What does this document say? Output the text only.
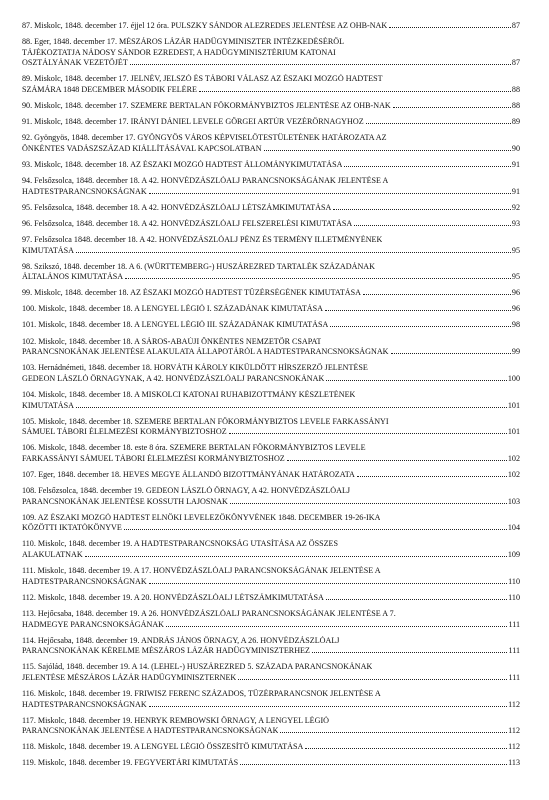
87. Miskolc, 1848. december 17. éjjel 12 óra. PULSZKY SÁNDOR ALEZREDES JELENTÉSE AZ OHB-NAK	87
88. Eger, 1848. december 17. MÉSZÁROS LÁZÁR HADÜGYMINISZTER INTÉZKEDÉSÉRŐL
TÁJÉKOZTATJA NÁDOSY SÁNDOR EZREDEST, A HADÜGYMINISZTÉRIUM KATONAI
OSZTÁLYÁNAK VEZETŐJÉT	87
89. Miskolc, 1848. december 17. JELNÉV, JELSZÓ ÉS TÁBORI VÁLASZ AZ ÉSZAKI MOZGÓ HADTEST
SZÁMÁRA 1848 DECEMBER MÁSODIK FELÉRE	88
90. Miskolc, 1848. december 17. SZEMERE BERTALAN FŐKORMÁNYBIZTOS JELENTÉSE AZ OHB-NAK	88
91. Miskolc, 1848. december 17. IRÁNYI DÁNIEL LEVELE GÖRGEI ARTÚR VEZÉRŐRNAGYHOZ	89
92. Gyöngyös, 1848. december 17. GYÖNGYÖS VÁROS KÉPVISELŐTESTÜLETÉNEK HATÁROZATA AZ
ÖNKÉNTES VADÁSZSZÁZAD KIÁLLÍTÁSÁVAL KAPCSOLATBAN	90
93. Miskolc, 1848. december 18. AZ ÉSZAKI MOZGÓ HADTEST ÁLLOMÁNYKIMUTATÁSA	91
94. Felsőzsolca, 1848. december 18. A 42. HONVÉDZÁSZLÓALJ PARANCSNOKSÁGÁNAK JELENTÉSE A
HADTESTPARANCSNOKSÁGNAK	91
95. Felsőzsolca, 1848. december 18. A 42. HONVÉDZÁSZLÓALJ LÉTSZÁMKIMUTATÁSA	92
96. Felsőzsolca, 1848. december 18. A 42. HONVÉDZÁSZLÓALJ FELSZERELÉSI KIMUTATÁSA	93
97. Felsőzsolca 1848. december 18. A 42. HONVÉDZÁSZLÓALJ PÉNZ ÉS TERMÉNY ILLETMÉNYÉNEK
KIMUTATÁSA	95
98. Szikszó, 1848. december 18. A 6. (WÜRTTEMBERG-) HUSZÁREZRED TARTALÉK SZÁZADÁNAK
ÁLTALÁNOS KIMUTATÁSA	95
99. Miskolc, 1848. december 18. AZ ÉSZAKI MOZGÓ HADTEST TÜZÉRSÉGÉNEK KIMUTATÁSA	96
100. Miskolc, 1848. december 18. A LENGYEL LÉGIÓ I. SZÁZADÁNAK KIMUTATÁSA	96
101. Miskolc, 1848. december 18. A LENGYEL LÉGIÓ III. SZÁZADÁNAK KIMUTATÁSA	98
102. Miskolc, 1848. december 18. A SÁROS-ABAÚJI ÖNKÉNTES NEMZETŐR CSAPAT
PARANCSNOKÁNAK JELENTÉSE ALAKULATA ÁLLAPOTÁRÓL A HADTESTPARANCSNOKSÁGNAK	99
103. Hernádnémeti, 1848. december 18. HORVÁTH KÁROLY KIKÜLDÖTT HÍRSZERZŐ JELENTÉSE
GEDEON LÁSZLÓ ŐRNAGYNAK, A 42. HONVÉDZÁSZLÓALJ PARANCSNOKÁNAK	100
104. Miskolc, 1848. december 18. A MISKOLCI KATONAI RUHABIZOTTMÁNY KÉSZLETÉNEK
KIMUTATÁSA	101
105. Miskolc, 1848. december 18. SZEMERE BERTALAN FŐKORMÁNYBIZTOS LEVELE FARKASSÁNYI
SÁMUEL TÁBORI ÉLELMEZÉSI KORMÁNYBIZTOSHOZ	101
106. Miskolc, 1848. december 18. este 8 óra. SZEMERE BERTALAN FŐKORMÁNYBIZTOS LEVELE
FARKASSÁNYI SÁMUEL TÁBORI ÉLELMEZÉSI KORMÁNYBIZTOSHOZ	102
107. Eger, 1848. december 18. HEVES MEGYE ÁLLANDÓ BIZOTTMÁNYÁNAK HATÁROZATA	102
108. Felsőzsolca, 1848. december 19. GEDEON LÁSZLÓ ŐRNAGY, A 42. HONVÉDZÁSZLÓALJ
PARANCSNOKÁNAK JELENTÉSE KOSSUTH LAJOSNAK	103
109. AZ ÉSZAKI MOZGÓ HADTEST ELNÖKI LEVELEZŐKÖNYVÉNEK 1848. DECEMBER 19-26-IKA
KÖZÖTTI IKTATÓKÖNYVE	104
110. Miskolc, 1848. december 19. A HADTESTPARANCSNOKSÁG UTASÍTÁSA AZ ÖSSZES
ALAKULATNAK	109
111. Miskolc, 1848. december 19. A 17. HONVÉDZÁSZLÓALJ PARANCSNOKSÁGÁNAK JELENTÉSE A
HADTESTPARANCSNOKSÁGNAK	110
112. Miskolc, 1848. december 19. A 20. HONVÉDZÁSZLÓALJ LÉTSZÁMKIMUTATÁSA	110
113. Hejőcsaba, 1848. december 19. A 26. HONVÉDZÁSZLÓALJ PARANCSNOKSÁGÁNAK JELENTÉSE A 7.
HADMEGYE PARANCSNOKSÁGÁNAK	111
114. Hejőcsaba, 1848. december 19. ANDRÁS JÁNOS ŐRNAGY, A 26. HONVÉDZÁSZLÓALJ
PARANCSNOKÁNAK KÉRELME MÉSZÁROS LÁZÁR HADÜGYMINISZTERHEZ	111
115. Sajólád, 1848. december 19. A 14. (LEHEL-) HUSZÁREZRED 5. SZÁZADA PARANCSNOKÁNAK
JELENTÉSE MÉSZÁROS LÁZÁR HADÜGYMINISZTERNEK	111
116. Miskolc, 1848. december 19. FRIWISZ FERENC SZÁZADOS, TÜZÉRPARANCSNOK JELENTÉSE A
HADTESTPARANCSNOKSÁGNAK	112
117. Miskolc, 1848. december 19. HENRYK REMBOWSKI ŐRNAGY, A LENGYEL LÉGIÓ
PARANCSNOKÁNAK JELENTÉSE A HADTESTPARANCSNOKSÁGNAK	112
118. Miskolc, 1848. december 19. A LENGYEL LÉGIÓ ÖSSZESÍTŐ KIMUTATÁSA	112
119. Miskolc, 1848. december 19. FEGYVERTÁRI KIMUTATÁS	113
